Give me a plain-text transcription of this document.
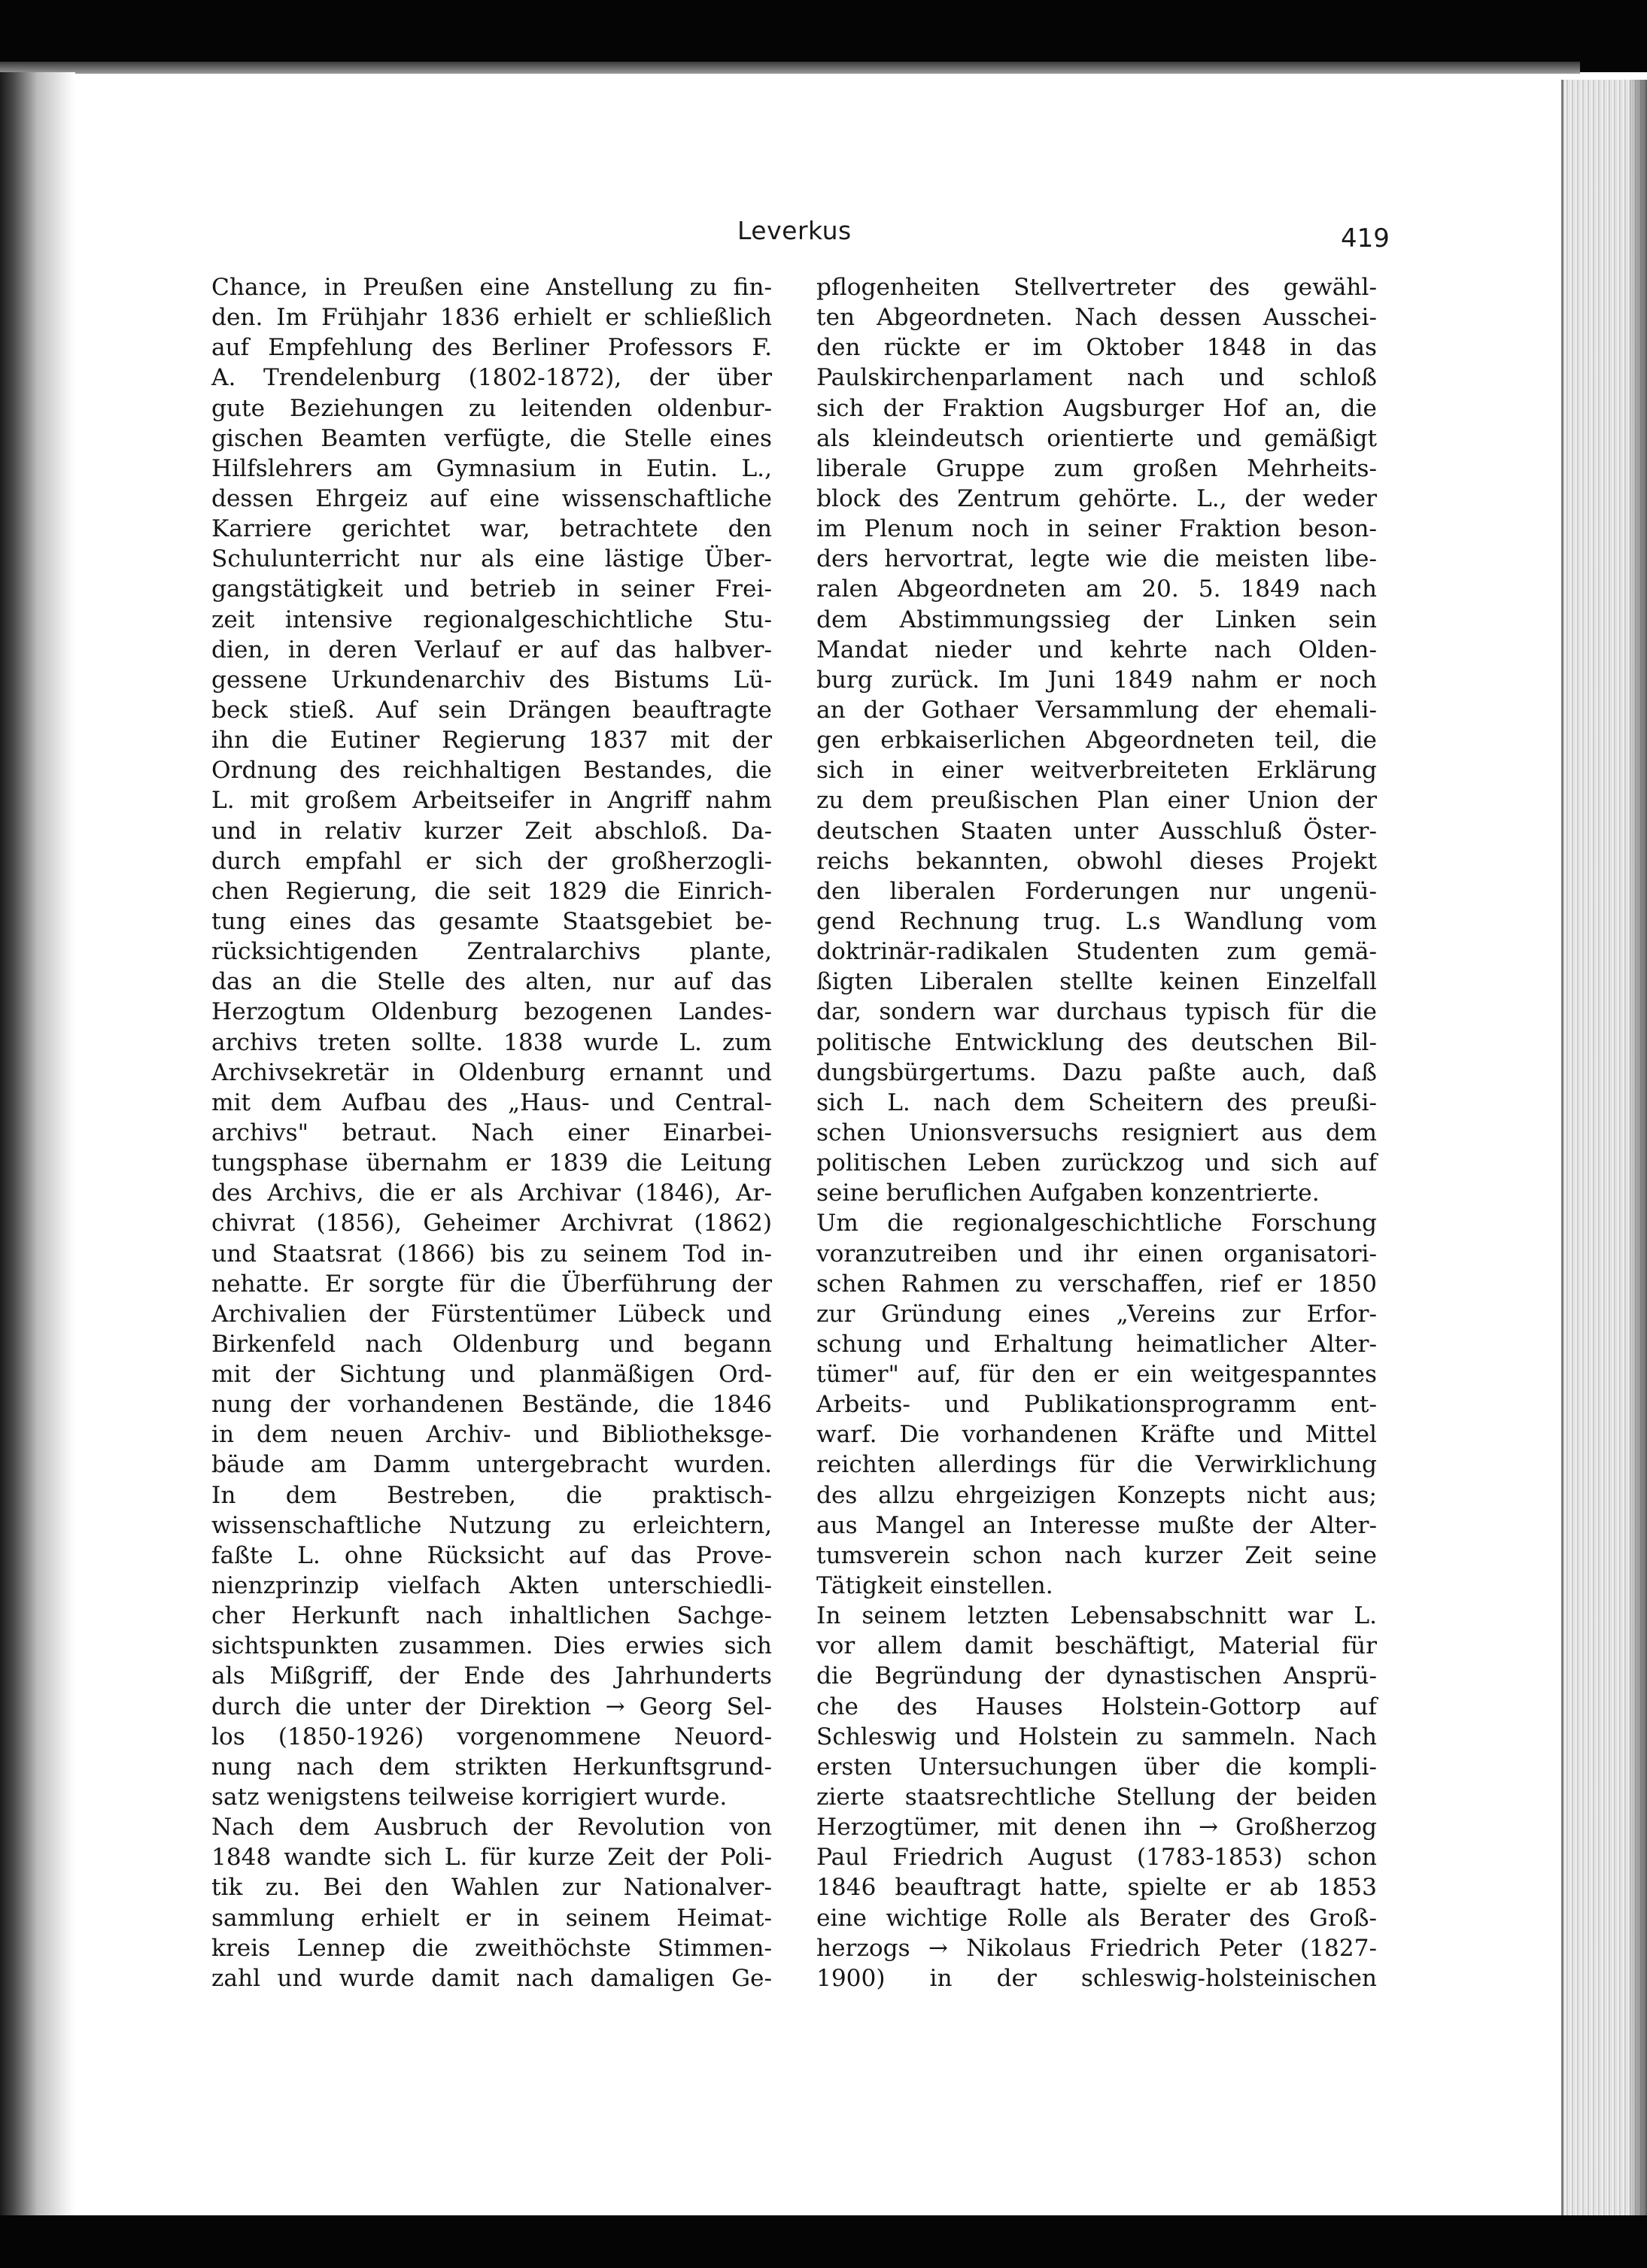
Leverkus	419
Chance, in Preußen eine Anstellung zu fin-
den. Im Frühjahr 1836 erhielt er schließlich
auf Empfehlung des Berliner Professors F.
A. Trendelenburg (1802-1872), der über
gute Beziehungen zu leitenden oldenbur-
gischen Beamten verfügte, die Stelle eines
Hilfslehrers am Gymnasium in Eutin. L.,
dessen Ehrgeiz auf eine wissenschaftliche
Karriere gerichtet war, betrachtete den
Schulunterricht nur als eine lästige Über-
gangstätigkeit und betrieb in seiner Frei-
zeit intensive regionalgeschichtliche Stu-
dien, in deren Verlauf er auf das halbver-
gessene Urkundenarchiv des Bistums Lü-
beck stieß. Auf sein Drängen beauftragte
ihn die Eutiner Regierung 1837 mit der
Ordnung des reichhaltigen Bestandes, die
L. mit großem Arbeitseifer in Angriff nahm
und in relativ kurzer Zeit abschloß. Da-
durch empfahl er sich der großherzogli-
chen Regierung, die seit 1829 die Einrich-
tung eines das gesamte Staatsgebiet be-
rücksichtigenden Zentralarchivs plante,
das an die Stelle des alten, nur auf das
Herzogtum Oldenburg bezogenen Landes-
archivs treten sollte. 1838 wurde L. zum
Archivsekretär in Oldenburg ernannt und
mit dem Aufbau des „Haus- und Central-
archivs" betraut. Nach einer Einarbei-
tungsphase übernahm er 1839 die Leitung
des Archivs, die er als Archivar (1846), Ar-
chivrat (1856), Geheimer Archivrat (1862)
und Staatsrat (1866) bis zu seinem Tod in-
nehatte. Er sorgte für die Überführung der
Archivalien der Fürstentümer Lübeck und
Birkenfeld nach Oldenburg und begann
mit der Sichtung und planmäßigen Ord-
nung der vorhandenen Bestände, die 1846
in dem neuen Archiv- und Bibliotheksge-
bäude am Damm untergebracht wurden.
In dem Bestreben, die praktisch-
wissenschaftliche Nutzung zu erleichtern,
faßte L. ohne Rücksicht auf das Prove-
nienzprinzip vielfach Akten unterschiedli-
cher Herkunft nach inhaltlichen Sachge-
sichtspunkten zusammen. Dies erwies sich
als Mißgriff, der Ende des Jahrhunderts
durch die unter der Direktion → Georg Sel-
los (1850-1926) vorgenommene Neuord-
nung nach dem strikten Herkunftsgrund-
satz wenigstens teilweise korrigiert wurde.
Nach dem Ausbruch der Revolution von
1848 wandte sich L. für kurze Zeit der Poli-
tik zu. Bei den Wahlen zur Nationalver-
sammlung erhielt er in seinem Heimat-
kreis Lennep die zweithöchste Stimmen-
zahl und wurde damit nach damaligen Ge-
pflogenheiten Stellvertreter des gewähl-
ten Abgeordneten. Nach dessen Ausschei-
den rückte er im Oktober 1848 in das
Paulskirchenparlament nach und schloß
sich der Fraktion Augsburger Hof an, die
als kleindeutsch orientierte und gemäßigt
liberale Gruppe zum großen Mehrheits-
block des Zentrum gehörte. L., der weder
im Plenum noch in seiner Fraktion beson-
ders hervortrat, legte wie die meisten libe-
ralen Abgeordneten am 20. 5. 1849 nach
dem Abstimmungssieg der Linken sein
Mandat nieder und kehrte nach Olden-
burg zurück. Im Juni 1849 nahm er noch
an der Gothaer Versammlung der ehemali-
gen erbkaiserlichen Abgeordneten teil, die
sich in einer weitverbreiteten Erklärung
zu dem preußischen Plan einer Union der
deutschen Staaten unter Ausschluß Öster-
reichs bekannten, obwohl dieses Projekt
den liberalen Forderungen nur ungenü-
gend Rechnung trug. L.s Wandlung vom
doktrinär-radikalen Studenten zum gemä-
ßigten Liberalen stellte keinen Einzelfall
dar, sondern war durchaus typisch für die
politische Entwicklung des deutschen Bil-
dungsbürgertums. Dazu paßte auch, daß
sich L. nach dem Scheitern des preußi-
schen Unionsversuchs resigniert aus dem
politischen Leben zurückzog und sich auf
seine beruflichen Aufgaben konzentrierte.
Um die regionalgeschichtliche Forschung
voranzutreiben und ihr einen organisatori-
schen Rahmen zu verschaffen, rief er 1850
zur Gründung eines „Vereins zur Erfor-
schung und Erhaltung heimatlicher Alter-
tümer" auf, für den er ein weitgespanntes
Arbeits- und Publikationsprogramm ent-
warf. Die vorhandenen Kräfte und Mittel
reichten allerdings für die Verwirklichung
des allzu ehrgeizigen Konzepts nicht aus;
aus Mangel an Interesse mußte der Alter-
tumsverein schon nach kurzer Zeit seine
Tätigkeit einstellen.
In seinem letzten Lebensabschnitt war L.
vor allem damit beschäftigt, Material für
die Begründung der dynastischen Ansprü-
che des Hauses Holstein-Gottorp auf
Schleswig und Holstein zu sammeln. Nach
ersten Untersuchungen über die kompli-
zierte staatsrechtliche Stellung der beiden
Herzogtümer, mit denen ihn → Großherzog
Paul Friedrich August (1783-1853) schon
1846 beauftragt hatte, spielte er ab 1853
eine wichtige Rolle als Berater des Groß-
herzogs → Nikolaus Friedrich Peter (1827-
1900) in der schleswig-holsteinischen
